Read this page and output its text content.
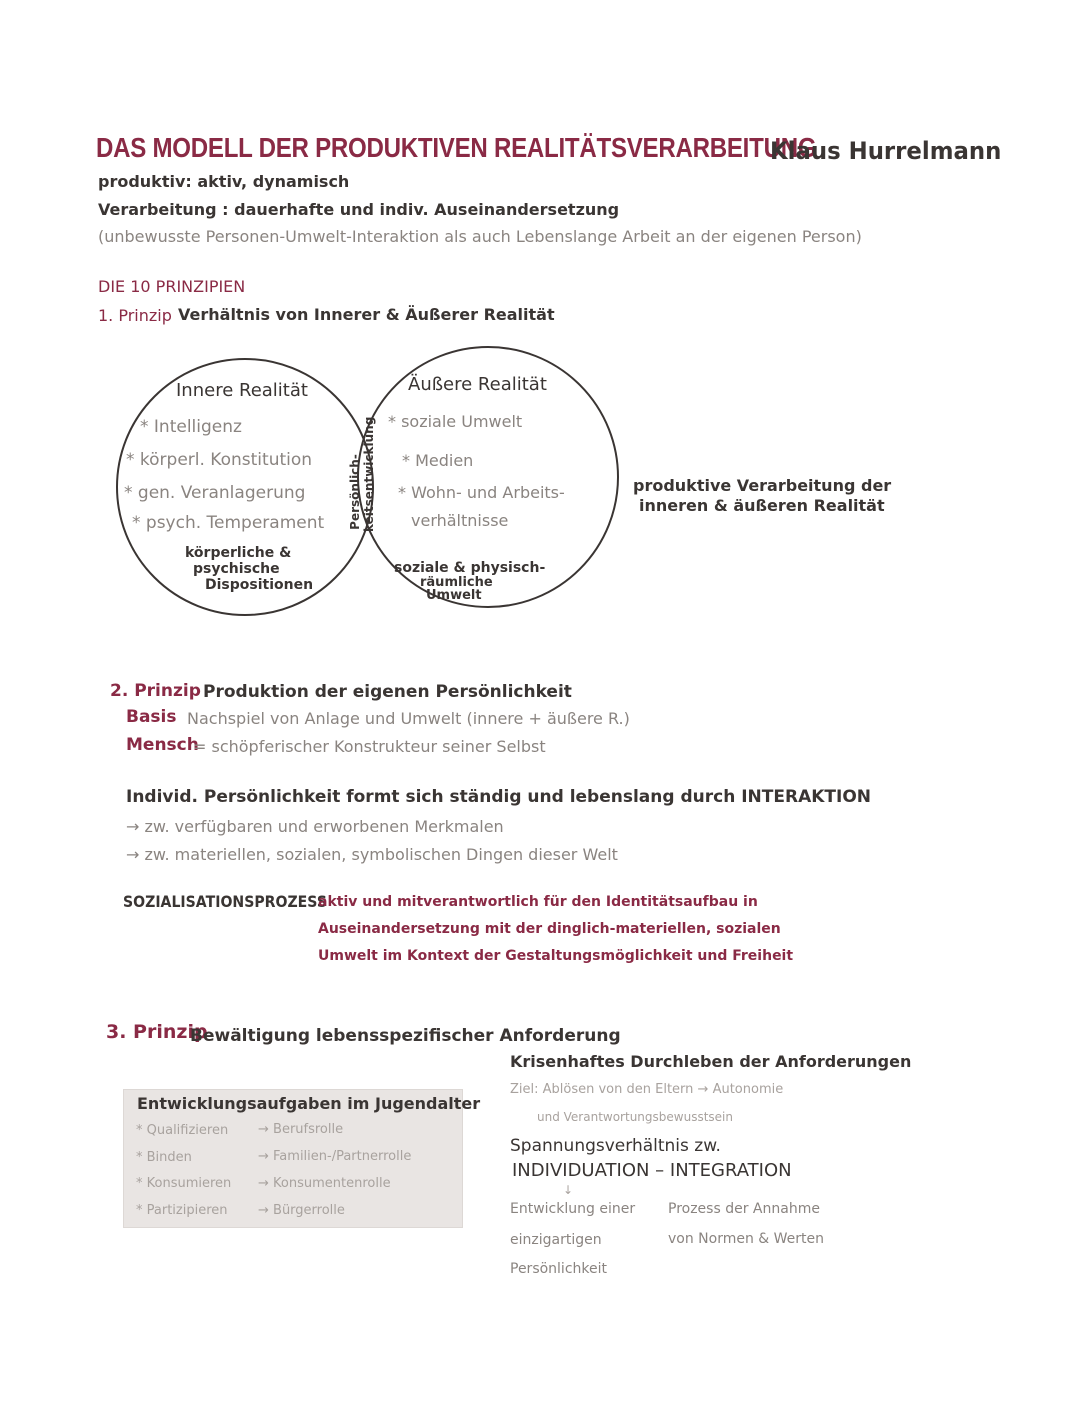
DAS MODELL DER PRODUKTIVEN REALITÄTSVERARBEITUNG
Klaus Hurrelmann
produktiv: aktiv, dynamisch
Verarbeitung : dauerhafte und indiv. Auseinandersetzung
(unbewusste Personen-Umwelt-Interaktion als auch Lebenslange Arbeit an der eigenen Person)
DIE 10 PRINZIPIEN
1. Prinzip Verhältnis von Innerer & Äußerer Realität
Innere Realität
* Intelligenz
* körperl. Konstitution
* gen. Veranlagerung
* psych. Temperament
körperliche &
psychische
Dispositionen
Persönlich- keitsentwicklung
Äußere Realität
* soziale Umwelt
* Medien
* Wohn- und Arbeits-
verhältnisse
soziale & physisch-
räumliche
Umwelt
produktive Verarbeitung der
inneren & äußeren Realität
2. Prinzip Produktion der eigenen Persönlichkeit
Basis Nachspiel von Anlage und Umwelt (innere + äußere R.)
Mensch
= schöpferischer Konstrukteur seiner Selbst
Individ. Persönlichkeit formt sich ständig und lebenslang durch INTERAKTION
→ zw. verfügbaren und erworbenen Merkmalen
→ zw. materiellen, sozialen, symbolischen Dingen dieser Welt
SOZIALISATIONSPROZESS
aktiv und mitverantwortlich für den Identitätsaufbau in
Auseinandersetzung mit der dinglich-materiellen, sozialen
Umwelt im Kontext der Gestaltungsmöglichkeit und Freiheit
3. Prinzip
Bewältigung lebensspezifischer Anforderung
Entwicklungsaufgaben im Jugendalter
* Qualifizieren → Berufsrolle
* Binden	→ Familien-/Partnerrolle
* Konsumieren → Konsumentenrolle
* Partizipieren → Bürgerrolle
Krisenhaftes Durchleben der Anforderungen
Ziel: Ablösen von den Eltern → Autonomie
und Verantwortungsbewusstsein
Spannungsverhältnis zw.
INDIVIDUATION – INTEGRATION
↓
Entwicklung einer
einzigartigen
Persönlichkeit
Prozess der Annahme
von Normen & Werten
